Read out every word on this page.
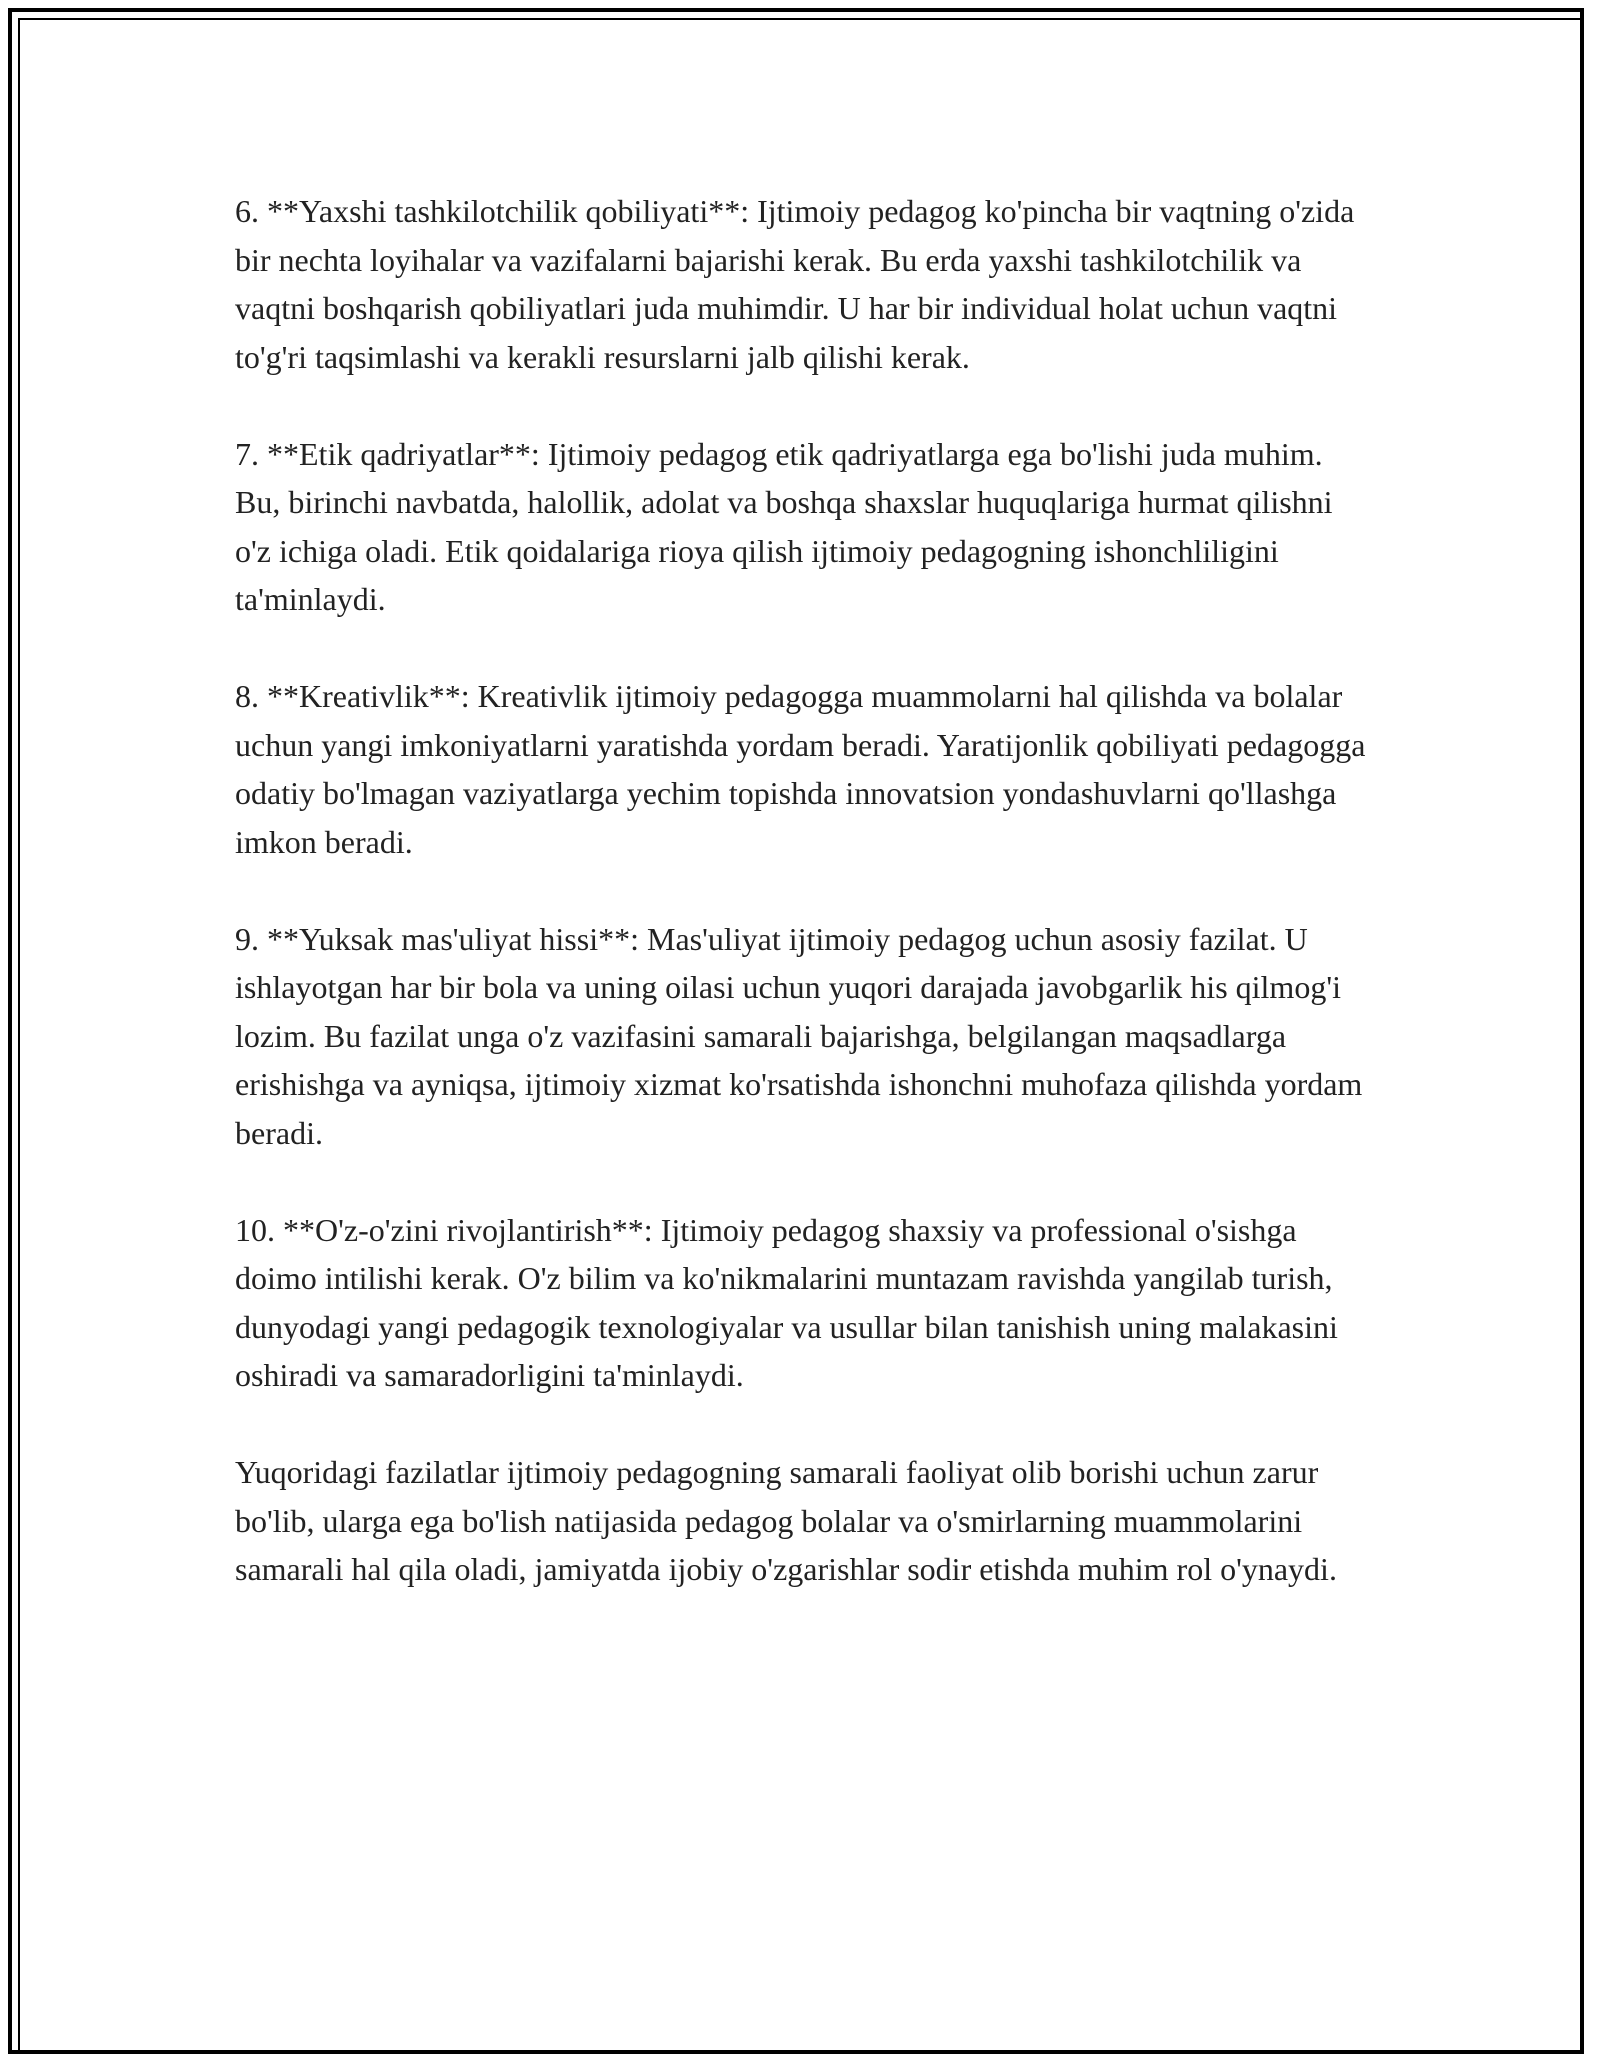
6. **Yaxshi tashkilotchilik qobiliyati**: Ijtimoiy pedagog ko'pincha bir vaqtning o'zida bir nechta loyihalar va vazifalarni bajarishi kerak. Bu erda yaxshi tashkilotchilik va vaqtni boshqarish qobiliyatlari juda muhimdir. U har bir individual holat uchun vaqtni to'g'ri taqsimlashi va kerakli resurslarni jalb qilishi kerak.

7. **Etik qadriyatlar**: Ijtimoiy pedagog etik qadriyatlarga ega bo'lishi juda muhim. Bu, birinchi navbatda, halollik, adolat va boshqa shaxslar huquqlariga hurmat qilishni o'z ichiga oladi. Etik qoidalariga rioya qilish ijtimoiy pedagogning ishonchliligini ta'minlaydi.

8. **Kreativlik**: Kreativlik ijtimoiy pedagogga muammolarni hal qilishda va bolalar uchun yangi imkoniyatlarni yaratishda yordam beradi. Yaratijonlik qobiliyati pedagogga odatiy bo'lmagan vaziyatlarga yechim topishda innovatsion yondashuvlarni qo'llashga imkon beradi.

9. **Yuksak mas'uliyat hissi**: Mas'uliyat ijtimoiy pedagog uchun asosiy fazilat. U ishlayotgan har bir bola va uning oilasi uchun yuqori darajada javobgarlik his qilmog'i lozim. Bu fazilat unga o'z vazifasini samarali bajarishga, belgilangan maqsadlarga erishishga va ayniqsa, ijtimoiy xizmat ko'rsatishda ishonchni muhofaza qilishda yordam beradi.

10. **O'z-o'zini rivojlantirish**: Ijtimoiy pedagog shaxsiy va professional o'sishga doimo intilishi kerak. O'z bilim va ko'nikmalarini muntazam ravishda yangilab turish, dunyodagi yangi pedagogik texnologiyalar va usullar bilan tanishish uning malakasini oshiradi va samaradorligini ta'minlaydi.

Yuqoridagi fazilatlar ijtimoiy pedagogning samarali faoliyat olib borishi uchun zarur bo'lib, ularga ega bo'lish natijasida pedagog bolalar va o'smirlarning muammolarini samarali hal qila oladi, jamiyatda ijobiy o'zgarishlar sodir etishda muhim rol o'ynaydi.
